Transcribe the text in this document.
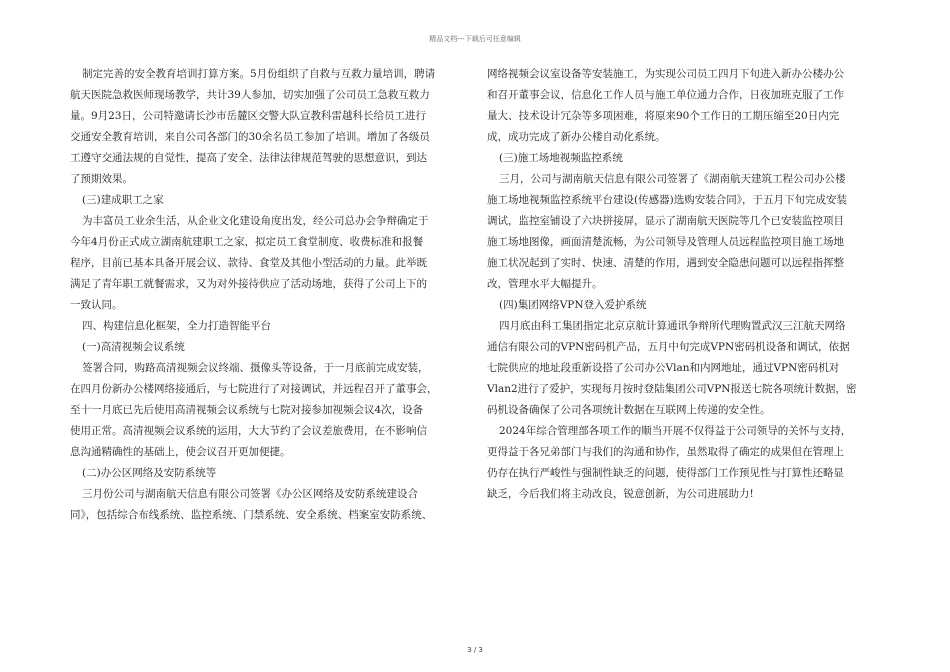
精品文档---下载后可任意编辑
制定完善的安全教育培训打算方案。5月份组织了自救与互救力量培训，聘请
航天医院急救医师现场教学，共计39人参加，切实加强了公司员工急救互救力
量。9月23日，公司特邀请长沙市岳麓区交警大队宣教科雷越科长给员工进行
交通安全教育培训，来自公司各部门的30余名员工参加了培训。增加了各级员
工遵守交通法规的自觉性，提高了安全、法律法律规范驾驶的思想意识，到达
了预期效果。
(三)建成职工之家
为丰富员工业余生活，从企业文化建设角度出发，经公司总办会争辩确定于
今年4月份正式成立湖南航建职工之家，拟定员工食堂制度、收费标准和报餐
程序，目前已基本具备开展会议、款待、食堂及其他小型活动的力量。此举既
满足了青年职工就餐需求，又为对外接待供应了活动场地，获得了公司上下的
一致认同。
四、构建信息化框架，全力打造智能平台
(一)高清视频会议系统
签署合同，购路高清视频会议终端、摄像头等设备，于一月底前完成安装，
在四月份新办公楼网络接通后，与七院进行了对接调试，并远程召开了董事会，
至十一月底已先后使用高清视频会议系统与七院对接参加视频会议4次，设备
使用正常。高清视频会议系统的运用，大大节约了会议差旅费用，在不影响信
息沟通精确性的基础上，使会议召开更加便捷。
(二)办公区网络及安防系统等
三月份公司与湖南航天信息有限公司签署《办公区网络及安防系统建设合
同》，包括综合布线系统、监控系统、门禁系统、安全系统、档案室安防系统、
网络视频会议室设备等安装施工，为实现公司员工四月下旬进入新办公楼办公
和召开董事会议，信息化工作人员与施工单位通力合作，日夜加班克服了工作
量大、技术设计冗杂等多项困难，将原来90个工作日的工期压缩至20日内完
成，成功完成了新办公楼自动化系统。
(三)施工场地视频监控系统
三月，公司与湖南航天信息有限公司签署了《湖南航天建筑工程公司办公楼
施工场地视频监控系统平台建设(传感器)选购安装合同》，于五月下旬完成安装
调试，监控室铺设了六块拼接屏，显示了湖南航天医院等几个已安装监控项目
施工场地图像，画面清楚流畅，为公司领导及管理人员远程监控项目施工场地
施工状况起到了实时、快速、清楚的作用，遇到安全隐患问题可以远程指挥整
改，管理水平大幅提升。
(四)集团网络VPN登入爱护系统
四月底由科工集团指定北京京航计算通讯争辩所代理购置武汉三江航天网络
通信有限公司的VPN密码机产品，五月中旬完成VPN密码机设备和调试，依据
七院供应的地址段重新设搭了公司办公Vlan和内网地址，通过VPN密码机对
Vlan2进行了爱护，实现每月按时登陆集团公司VPN报送七院各项统计数据，密
码机设备确保了公司各项统计数据在互联网上传递的安全性。
2024年综合管理部各项工作的顺当开展不仅得益于公司领导的关怀与支持，
更得益于各兄弟部门与我们的沟通和协作，虽然取得了确定的成果但在管理上
仍存在执行严峻性与强制性缺乏的问题，使得部门工作预见性与打算性还略显
缺乏，今后我们将主动改良，锐意创新，为公司进展助力!
3 / 3
